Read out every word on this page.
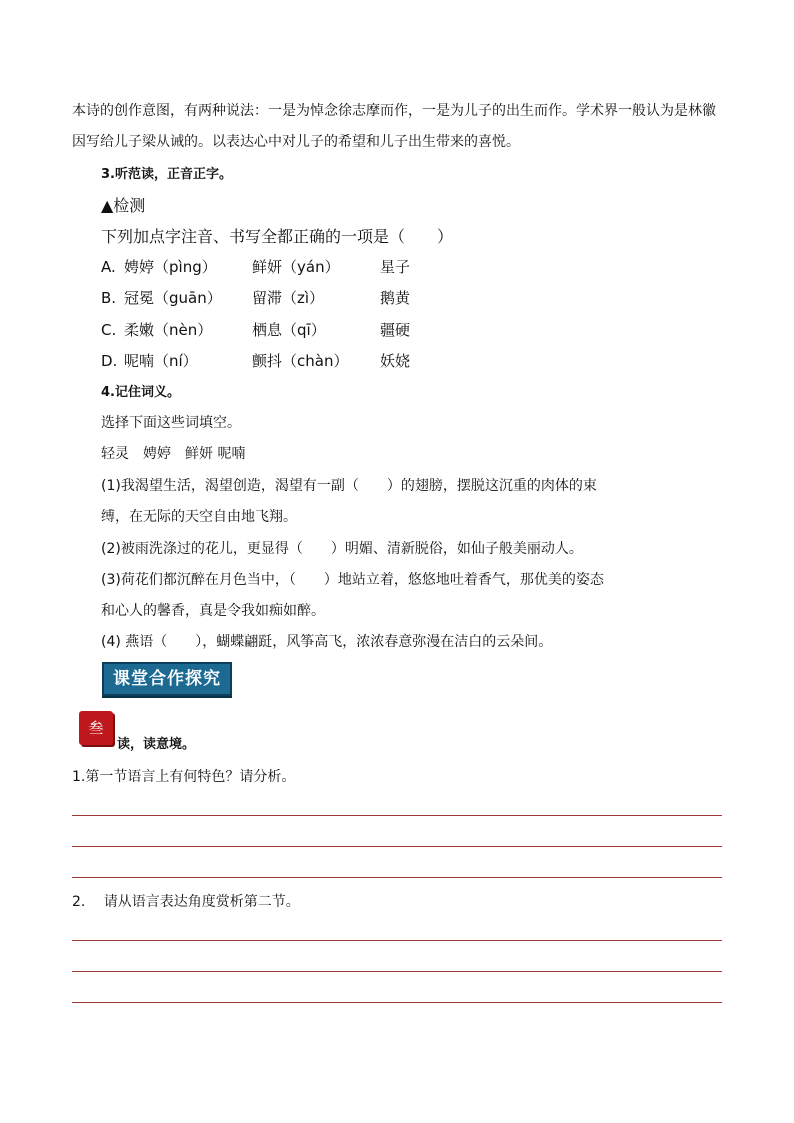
本诗的创作意图，有两种说法：一是为悼念徐志摩而作，一是为儿子的出生而作。学术界一般认为是林徽
因写给儿子梁从诫的。以表达心中对儿子的希望和儿子出生带来的喜悦。
3.听范读，正音正字。
▲检测
下列加点字注音、书写全都正确的一项是（　　）
A. 娉婷（pìng） 鲜妍（yán）	星子
B. 冠冕（guān） 留滞（zì）	鹅黄
C. 柔嫩（nèn）	栖息（qī）	疆硬
D. 呢喃（ní）	颤抖（chàn） 妖娆
4.记住词义。
选择下面这些词填空。
轻灵　娉婷　鲜妍 呢喃
(1)我渴望生活，渴望创造，渴望有一副（　　）的翅膀，摆脱这沉重的肉体的束
缚，在无际的天空自由地飞翔。
(2)被雨洗涤过的花儿，更显得（　　）明媚、清新脱俗，如仙子般美丽动人。
(3)荷花们都沉醉在月色当中，（　　）地站立着，悠悠地吐着香气，那优美的姿态
和心人的馨香，真是令我如痴如醉。
(4) 燕语（　　），蝴蝶翩跹，风筝高飞，浓浓春意弥漫在洁白的云朵间。
课堂合作探究
叁
读，读意境。
1.第一节语言上有何特色？请分析。
2.　 请从语言表达角度赏析第二节。
